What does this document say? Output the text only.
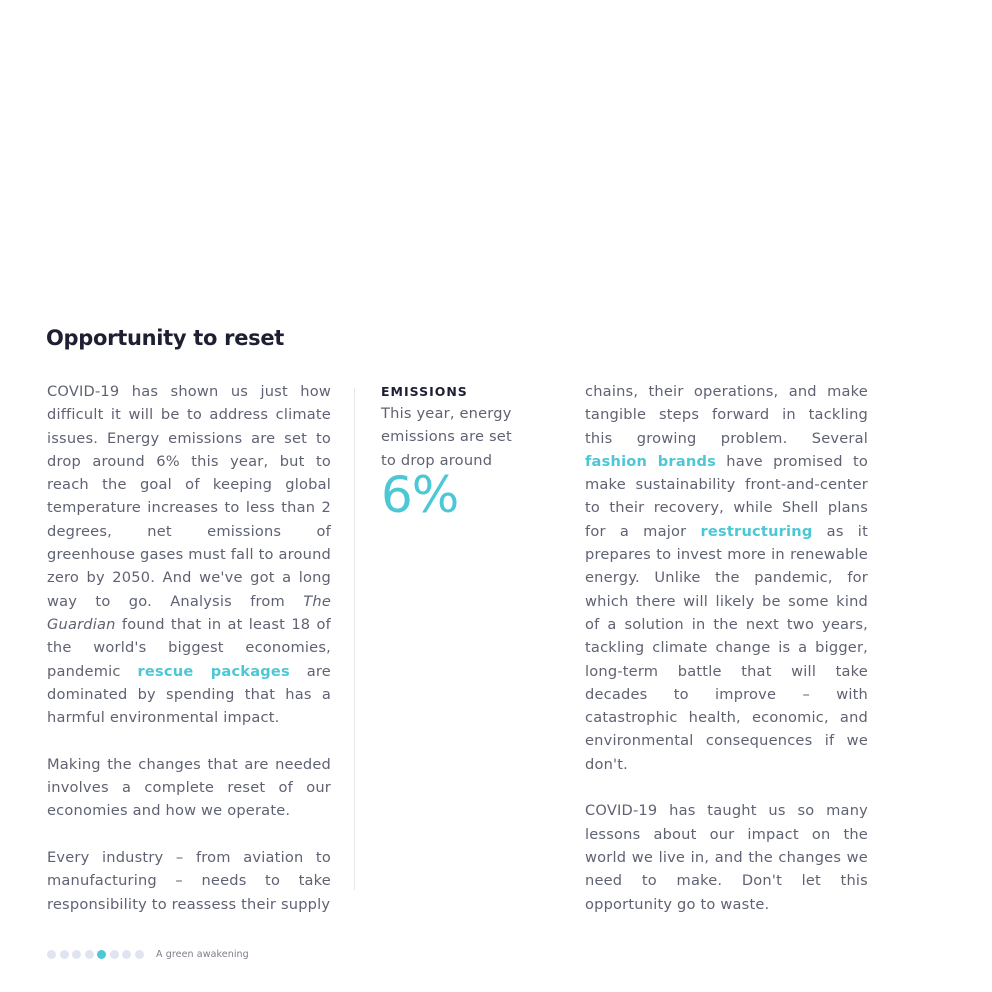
Opportunity to reset

COVID-19 has shown us just how difficult it will be to address climate issues. Energy emissions are set to drop around 6% this year, but to reach the goal of keeping global temperature increases to less than 2 degrees, net emissions of greenhouse gases must fall to around zero by 2050. And we've got a long way to go. Analysis from The Guardian found that in at least 18 of the world's biggest economies, pandemic rescue packages are dominated by spending that has a harmful environmental impact.

Making the changes that are needed involves a complete reset of our economies and how we operate.

Every industry – from aviation to manufacturing – needs to take responsibility to reassess their supply

EMISSIONS
This year, energy emissions are set to drop around
6%

chains, their operations, and make tangible steps forward in tackling this growing problem. Several fashion brands have promised to make sustainability front-and-center to their recovery, while Shell plans for a major restructuring as it prepares to invest more in renewable energy. Unlike the pandemic, for which there will likely be some kind of a solution in the next two years, tackling climate change is a bigger, long-term battle that will take decades to improve – with catastrophic health, economic, and environmental consequences if we don't.

COVID-19 has taught us so many lessons about our impact on the world we live in, and the changes we need to make. Don't let this opportunity go to waste.

A green awakening
